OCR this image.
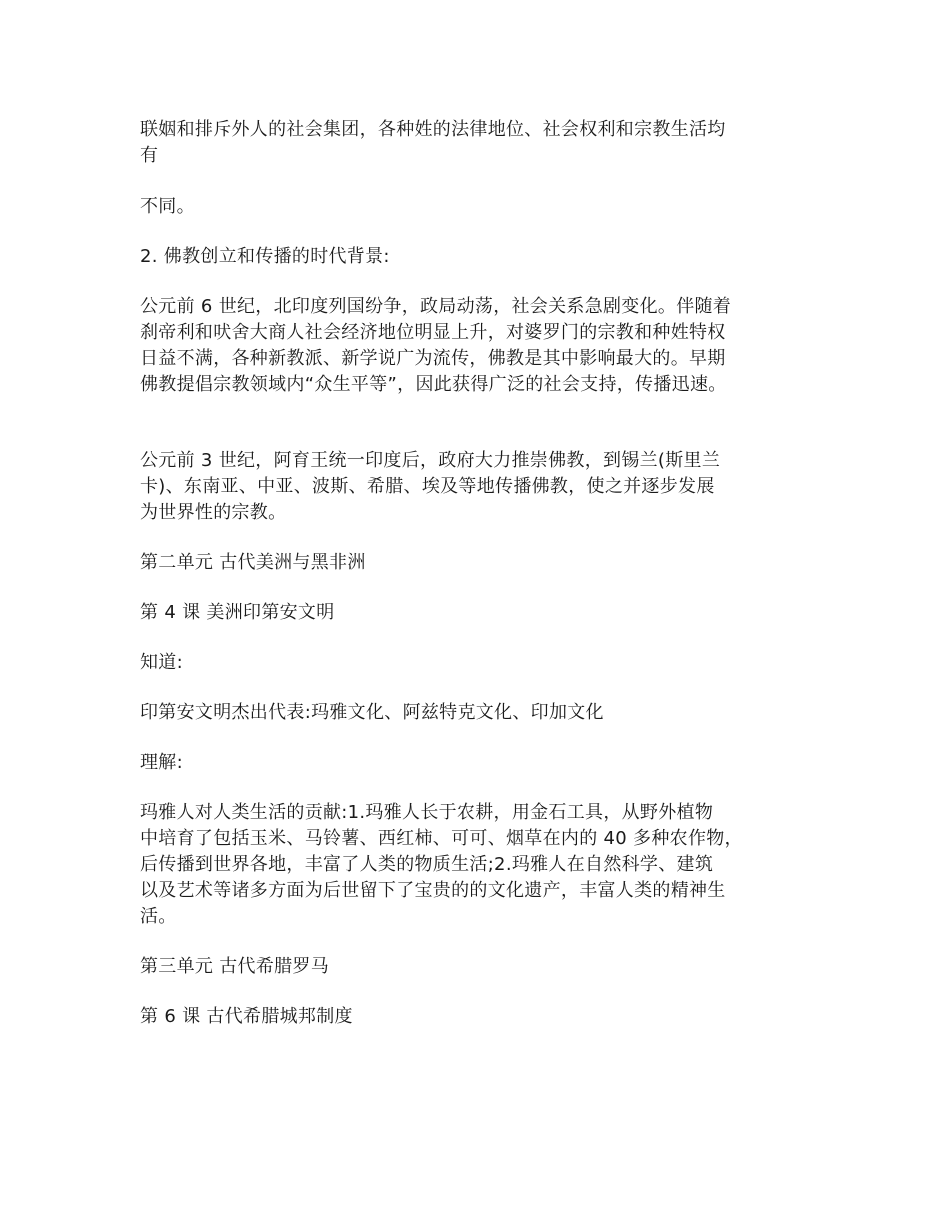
联姻和排斥外人的社会集团，各种姓的法律地位、社会权利和宗教生活均
有

不同。

2. 佛教创立和传播的时代背景:

公元前 6 世纪，北印度列国纷争，政局动荡，社会关系急剧变化。伴随着
刹帝利和吠舍大商人社会经济地位明显上升，对婆罗门的宗教和种姓特权
日益不满，各种新教派、新学说广为流传，佛教是其中影响最大的。早期
佛教提倡宗教领域内“众生平等”，因此获得广泛的社会支持，传播迅速。

公元前 3 世纪，阿育王统一印度后，政府大力推崇佛教，到锡兰(斯里兰
卡)、东南亚、中亚、波斯、希腊、埃及等地传播佛教，使之并逐步发展
为世界性的宗教。

第二单元 古代美洲与黑非洲

第 4 课 美洲印第安文明

知道:

印第安文明杰出代表:玛雅文化、阿兹特克文化、印加文化

理解:

玛雅人对人类生活的贡献:1.玛雅人长于农耕，用金石工具，从野外植物
中培育了包括玉米、马铃薯、西红柿、可可、烟草在内的 40 多种农作物，
后传播到世界各地，丰富了人类的物质生活;2.玛雅人在自然科学、建筑
以及艺术等诸多方面为后世留下了宝贵的的文化遗产，丰富人类的精神生
活。

第三单元 古代希腊罗马

第 6 课 古代希腊城邦制度
